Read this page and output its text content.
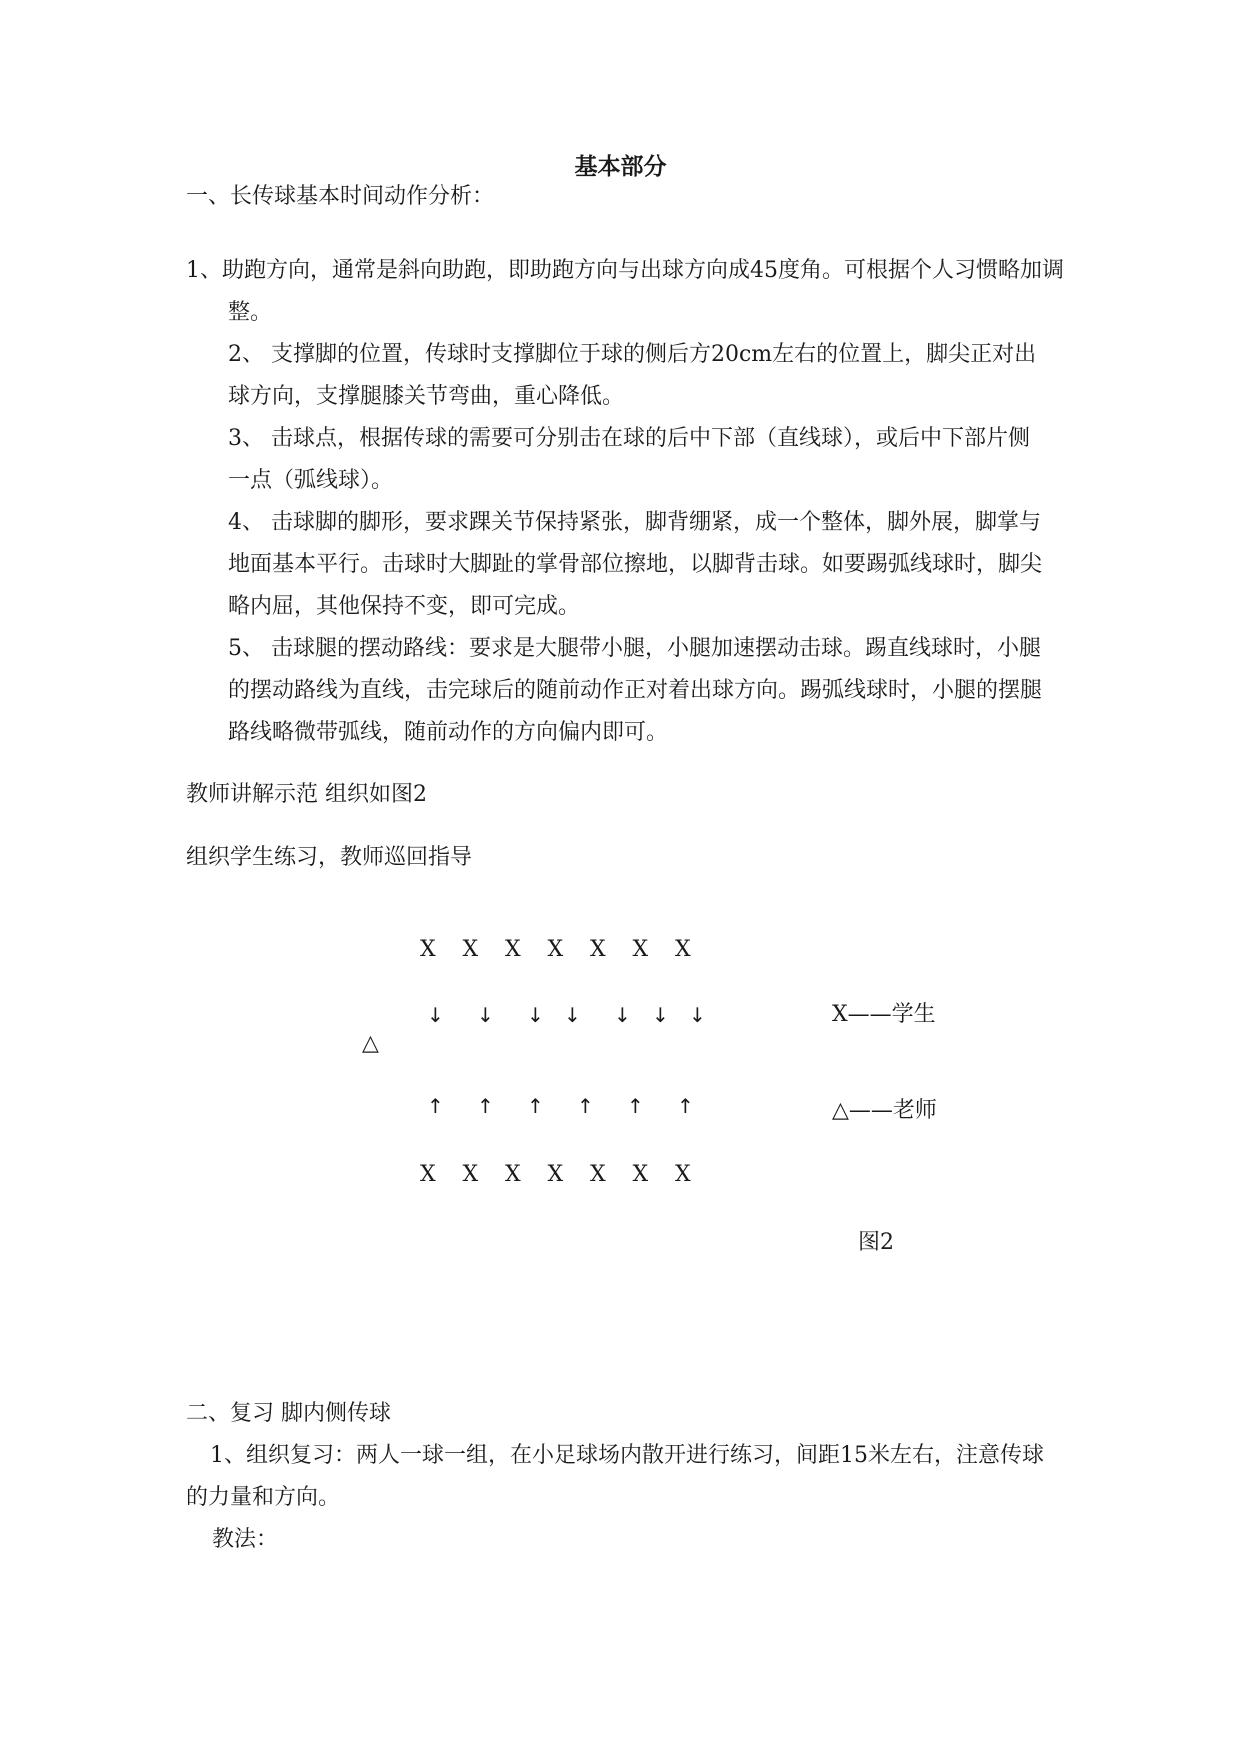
基本部分
一、长传球基本时间动作分析：
1、助跑方向，通常是斜向助跑，即助跑方向与出球方向成45度角。可根据个人习惯略加调整。
2、 支撑脚的位置，传球时支撑脚位于球的侧后方20cm左右的位置上，脚尖正对出球方向，支撑腿膝关节弯曲，重心降低。
3、 击球点，根据传球的需要可分别击在球的后中下部（直线球），或后中下部片侧一点（弧线球）。
4、 击球脚的脚形，要求踝关节保持紧张，脚背绷紧，成一个整体，脚外展，脚掌与地面基本平行。击球时大脚趾的掌骨部位擦地，以脚背击球。如要踢弧线球时，脚尖略内屈，其他保持不变，即可完成。
5、 击球腿的摆动路线：要求是大腿带小腿，小腿加速摆动击球。踢直线球时，小腿的摆动路线为直线，击完球后的随前动作正对着出球方向。踢弧线球时，小腿的摆腿路线略微带弧线，随前动作的方向偏内即可。
教师讲解示范 组织如图2
组织学生练习，教师巡回指导
X X X X X X X
↓ ↓ ↓ ↓ ↓ ↓ ↓	X——学生
△
↑ ↑ ↑ ↑ ↑ ↑	△——老师
X X X X X X X
图2
二、复习 脚内侧传球
1、组织复习：两人一球一组，在小足球场内散开进行练习，间距15米左右，注意传球的力量和方向。
教法：
